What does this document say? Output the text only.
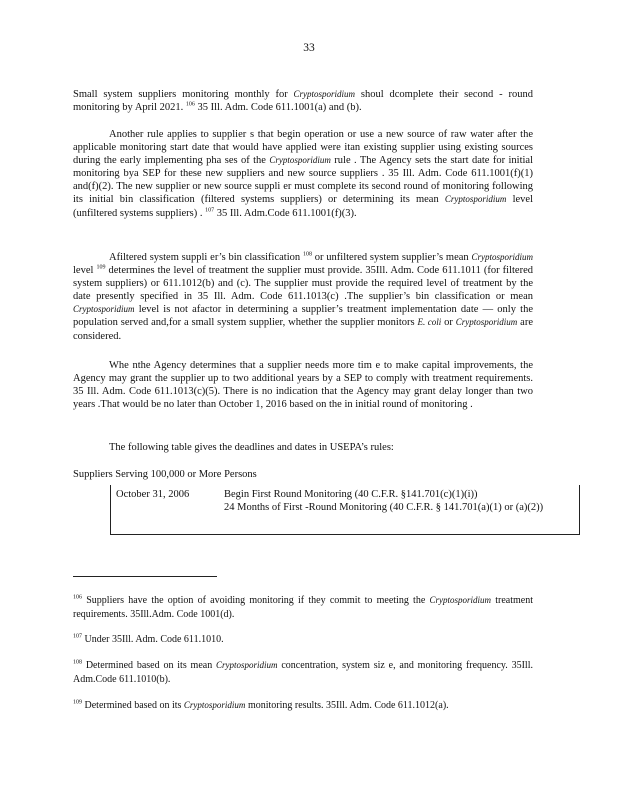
33

Small system suppliers monitoring monthly for Cryptosporidium shoul dcomplete their second - round monitoring by April 2021. $^{106}$ 35 Ill. Adm. Code 611.1001(a) and (b).

Another rule applies to supplier s that begin operation or use a new source of raw water after the applicable monitoring start date that would have applied were itan existing supplier using existing sources during the early implementing pha ses of the Cryptosporidium rule . The Agency sets the start date for initial monitoring bya SEP for these new suppliers and new source suppliers . 35 Ill. Adm. Code 611.1001(f)(1) and(f)(2). The new supplier or new source suppli er must complete its second round of monitoring following its initial bin classification (filtered systems suppliers) or determining its mean Cryptosporidium level (unfiltered systems suppliers) . $^{107}$ 35 Ill. Adm.Code 611.1001(f)(3).

Afiltered system suppli er’s bin classification $^{108}$ or unfiltered system supplier’s mean Cryptosporidium level $^{109}$ determines the level of treatment the supplier must provide. 35Ill. Adm. Code 611.1011 (for filtered system suppliers) or 611.1012(b) and (c). The supplier must provide the required level of treatment by the date presently specified in 35 Ill. Adm. Code 611.1013(c) .The supplier’s bin classification or mean Cryptosporidium level is not afactor in determining a supplier’s treatment implementation date — only the population served and,for a small system supplier, whether the supplier monitors E. coli or Cryptosporidium are considered.

Whe nthe Agency determines that a supplier needs more tim e to make capital improvements, the Agency may grant the supplier up to two additional years by a SEP to comply with treatment requirements. 35 Ill. Adm. Code 611.1013(c)(5). There is no indication that the Agency may grant delay longer than two years .That would be no later than October 1, 2016 based on the in initial round of monitoring .

The following table gives the deadlines and dates in USEPA’s rules:

Suppliers Serving 100,000 or More Persons
October 31, 2006	Begin First Round Monitoring (40 C.F.R. §141.701(c)(1)(i))
24 Months of First -Round Monitoring (40 C.F.R. § 141.701(a)(1) or (a)(2))

$^{106}$ Suppliers have the option of avoiding monitoring if they commit to meeting the Cryptosporidium treatment requirements. 35Ill.Adm. Code 1001(d).

$^{107}$ Under 35Ill. Adm. Code 611.1010.

$^{108}$ Determined based on its mean Cryptosporidium concentration, system siz e, and monitoring frequency. 35Ill. Adm.Code 611.1010(b).

$^{109}$ Determined based on its Cryptosporidium monitoring results. 35Ill. Adm. Code 611.1012(a).
